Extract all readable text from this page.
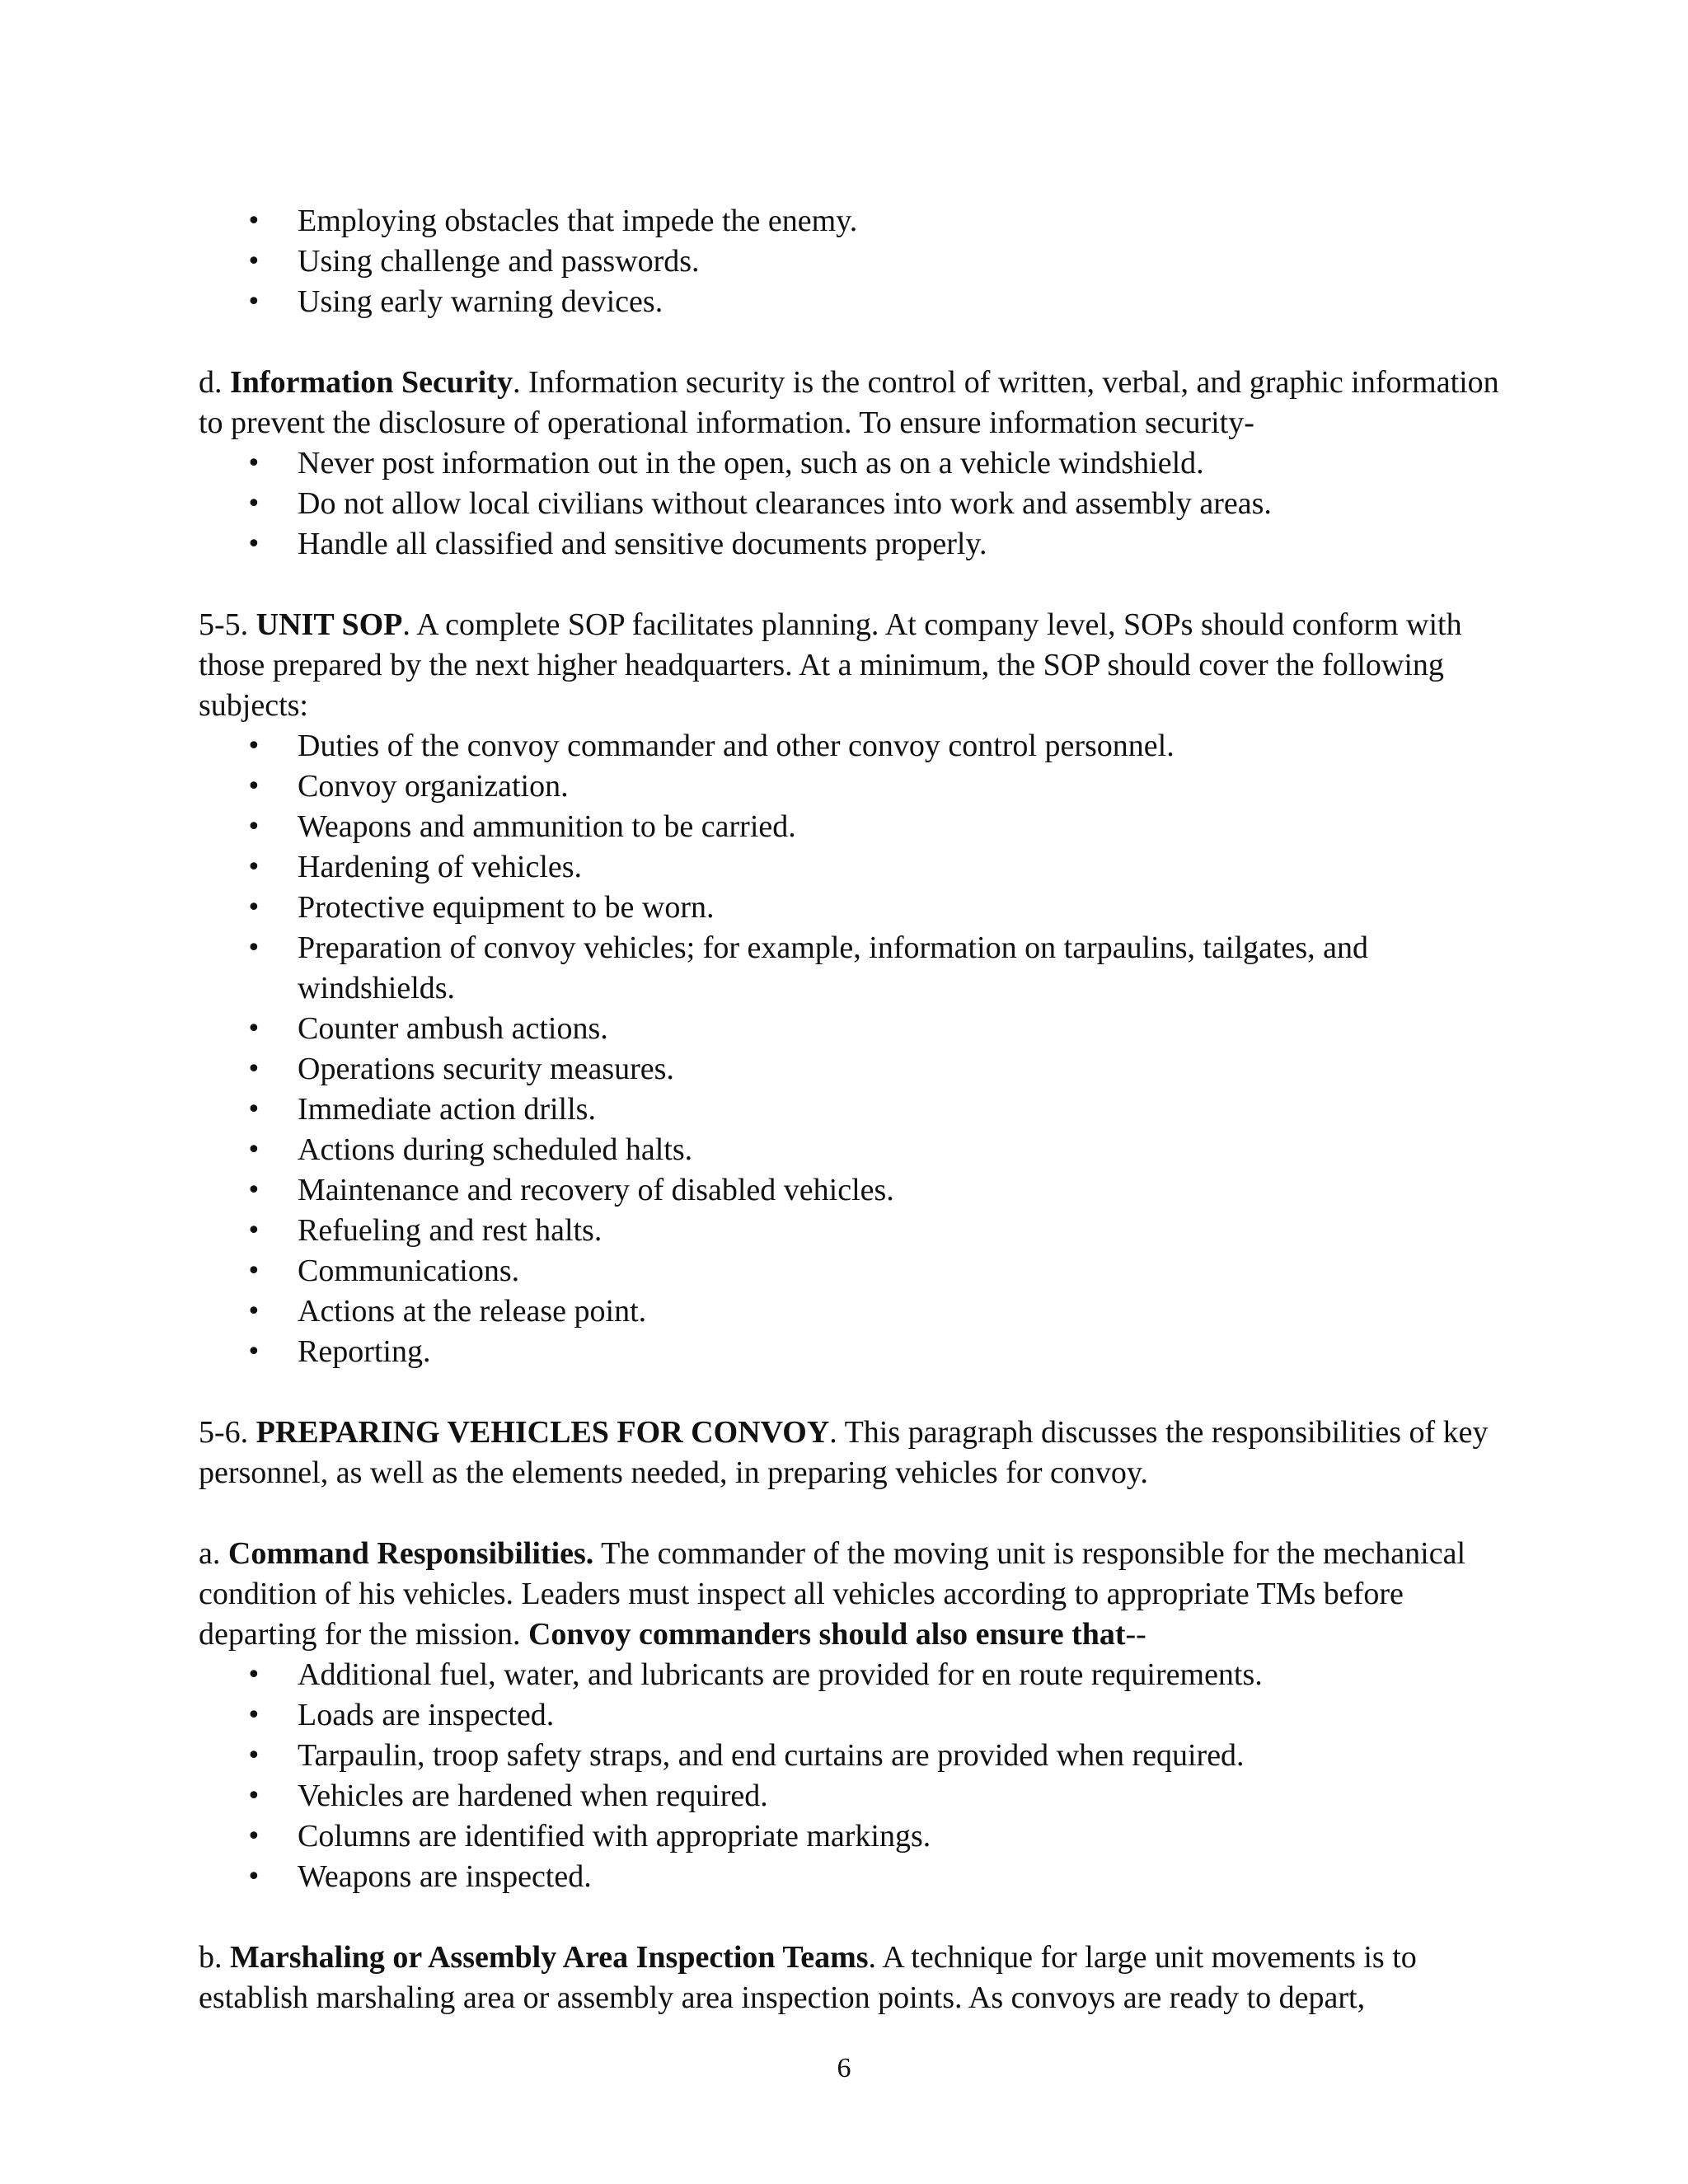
• Employing obstacles that impede the enemy.
• Using challenge and passwords.
• Using early warning devices.

d. Information Security. Information security is the control of written, verbal, and graphic information to prevent the disclosure of operational information. To ensure information security-

• Never post information out in the open, such as on a vehicle windshield.
• Do not allow local civilians without clearances into work and assembly areas.
• Handle all classified and sensitive documents properly.

5-5. UNIT SOP. A complete SOP facilitates planning. At company level, SOPs should conform with those prepared by the next higher headquarters. At a minimum, the SOP should cover the following subjects:

• Duties of the convoy commander and other convoy control personnel.
• Convoy organization.
• Weapons and ammunition to be carried.
• Hardening of vehicles.
• Protective equipment to be worn.
• Preparation of convoy vehicles; for example, information on tarpaulins, tailgates, and windshields.
• Counter ambush actions.
• Operations security measures.
• Immediate action drills.
• Actions during scheduled halts.
• Maintenance and recovery of disabled vehicles.
• Refueling and rest halts.
• Communications.
• Actions at the release point.
• Reporting.

5-6. PREPARING VEHICLES FOR CONVOY. This paragraph discusses the responsibilities of key personnel, as well as the elements needed, in preparing vehicles for convoy.

a. Command Responsibilities. The commander of the moving unit is responsible for the mechanical condition of his vehicles. Leaders must inspect all vehicles according to appropriate TMs before departing for the mission. Convoy commanders should also ensure that--

• Additional fuel, water, and lubricants are provided for en route requirements.
• Loads are inspected.
• Tarpaulin, troop safety straps, and end curtains are provided when required.
• Vehicles are hardened when required.
• Columns are identified with appropriate markings.
• Weapons are inspected.

b. Marshaling or Assembly Area Inspection Teams. A technique for large unit movements is to establish marshaling area or assembly area inspection points. As convoys are ready to depart,

6
